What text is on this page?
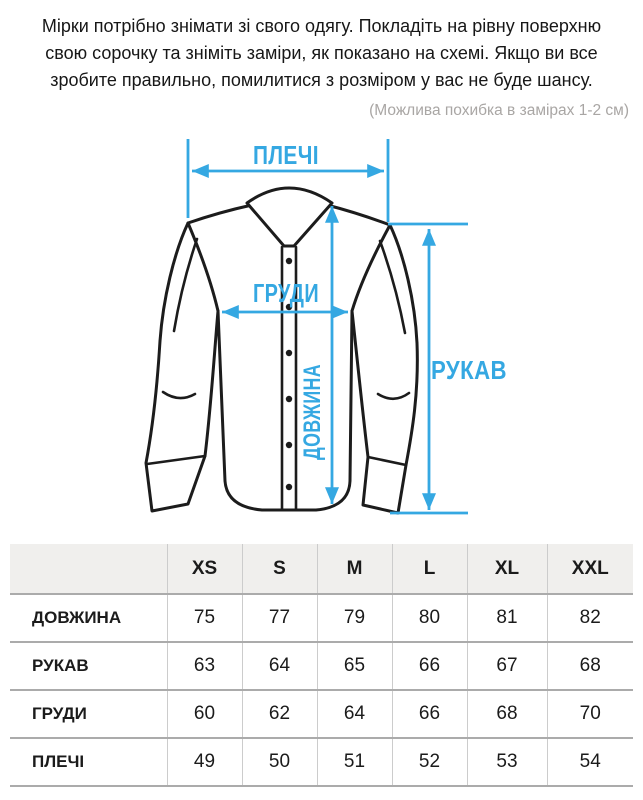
Мірки потрібно знімати зі свого одягу. Покладіть на рівну поверхню
свою сорочку та зніміть заміри, як показано на схемі. Якщо ви все
зробите правильно, помилитися з розміром у вас не буде шансу.

(Можлива похибка в замірах 1-2 см)
ПЛЕЧІ
ГРУДИ
ДОВЖИНА	РУКАВ
	XS	S	M	L	XL	XXL
ДОВЖИНА	75	77	79	80	81	82
РУКАВ	63	64	65	66	67	68
ГРУДИ	60	62	64	66	68	70
ПЛЕЧІ	49	50	51	52	53	54
